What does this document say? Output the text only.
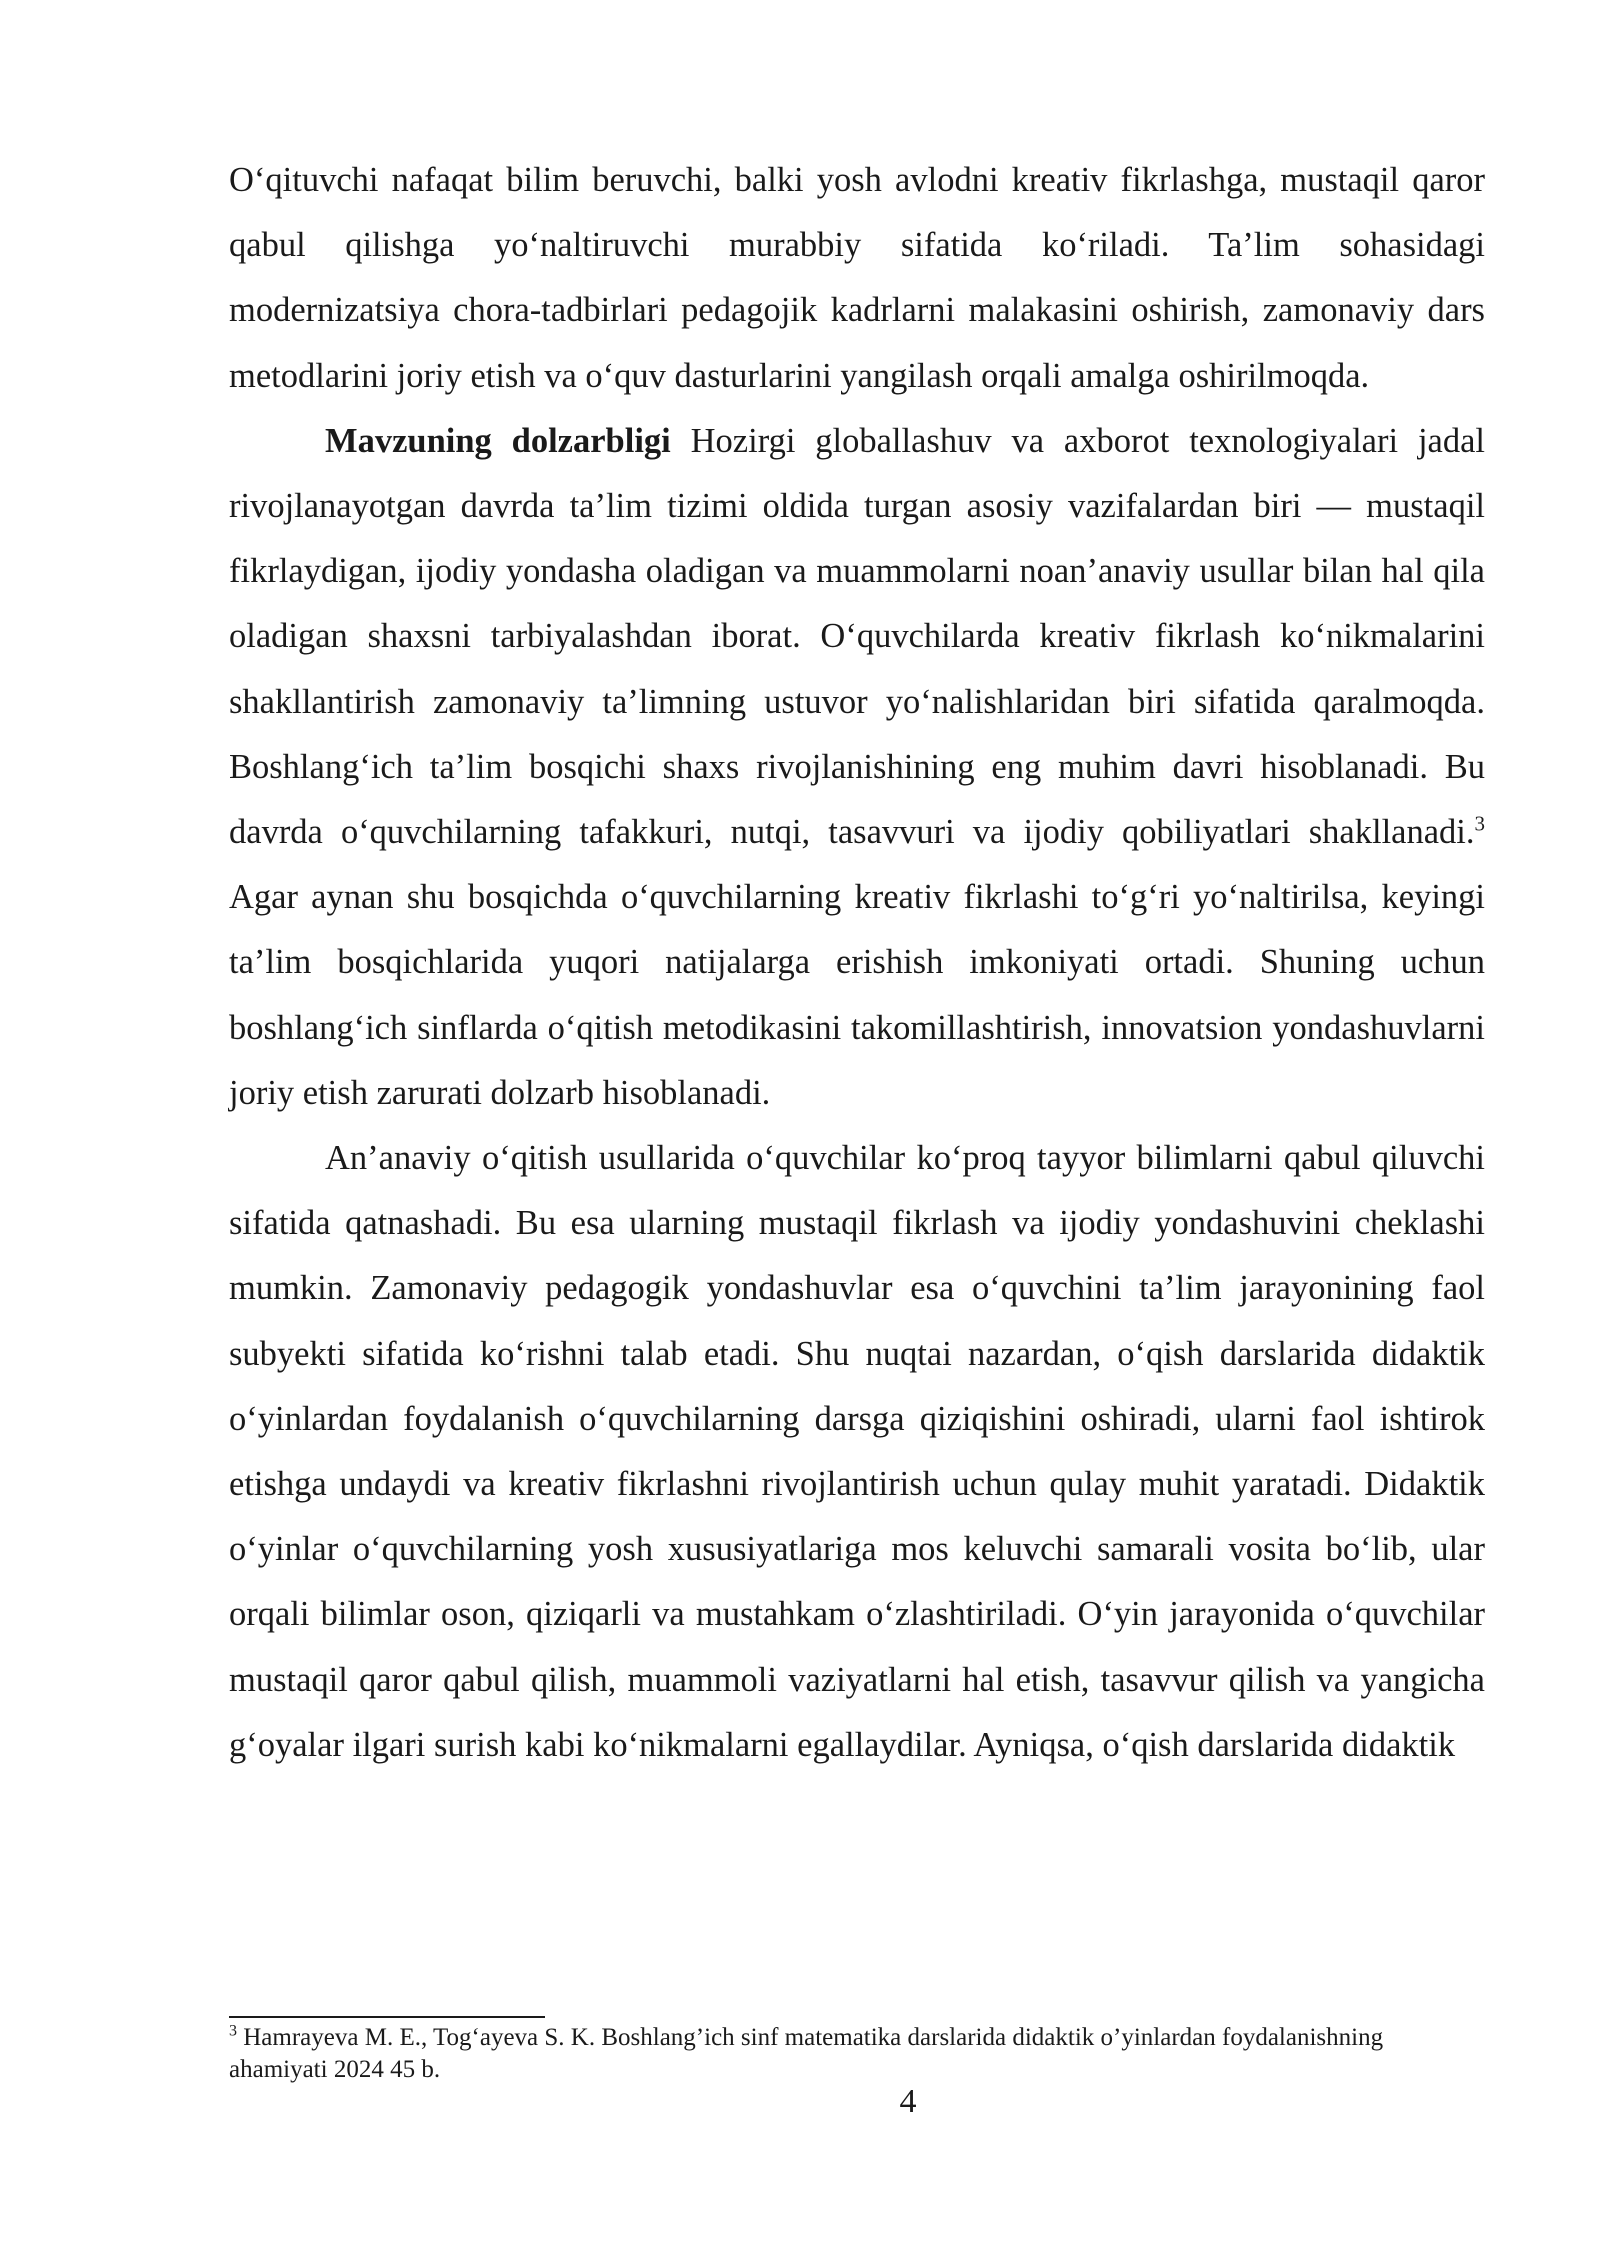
O‘qituvchi nafaqat bilim beruvchi, balki yosh avlodni kreativ fikrlashga, mustaqil qaror qabul qilishga yo‘naltiruvchi murabbiy sifatida ko‘riladi. Ta’lim sohasidagi modernizatsiya chora-tadbirlari pedagojik kadrlarni malakasini oshirish, zamonaviy dars metodlarini joriy etish va o‘quv dasturlarini yangilash orqali amalga oshirilmoqda.

Mavzuning dolzarbligi Hozirgi globallashuv va axborot texnologiyalari jadal rivojlanayotgan davrda ta’lim tizimi oldida turgan asosiy vazifalardan biri — mustaqil fikrlaydigan, ijodiy yondasha oladigan va muammolarni noan’anaviy usullar bilan hal qila oladigan shaxsni tarbiyalashdan iborat. O‘quvchilarda kreativ fikrlash ko‘nikmalarini shakllantirish zamonaviy ta’limning ustuvor yo‘nalishlaridan biri sifatida qaralmoqda. Boshlang‘ich ta’lim bosqichi shaxs rivojlanishining eng muhim davri hisoblanadi. Bu davrda o‘quvchilarning tafakkuri, nutqi, tasavvuri va ijodiy qobiliyatlari shakllanadi.$^3$ Agar aynan shu bosqichda o‘quvchilarning kreativ fikrlashi to‘g‘ri yo‘naltirilsa, keyingi ta’lim bosqichlarida yuqori natijalarga erishish imkoniyati ortadi. Shuning uchun boshlang‘ich sinflarda o‘qitish metodikasini takomillashtirish, innovatsion yondashuvlarni joriy etish zarurati dolzarb hisoblanadi.

An’anaviy o‘qitish usullarida o‘quvchilar ko‘proq tayyor bilimlarni qabul qiluvchi sifatida qatnashadi. Bu esa ularning mustaqil fikrlash va ijodiy yondashuvini cheklashi mumkin. Zamonaviy pedagogik yondashuvlar esa o‘quvchini ta’lim jarayonining faol subyekti sifatida ko‘rishni talab etadi. Shu nuqtai nazardan, o‘qish darslarida didaktik o‘yinlardan foydalanish o‘quvchilarning darsga qiziqishini oshiradi, ularni faol ishtirok etishga undaydi va kreativ fikrlashni rivojlantirish uchun qulay muhit yaratadi. Didaktik o‘yinlar o‘quvchilarning yosh xususiyatlariga mos keluvchi samarali vosita bo‘lib, ular orqali bilimlar oson, qiziqarli va mustahkam o‘zlashtiriladi. O‘yin jarayonida o‘quvchilar mustaqil qaror qabul qilish, muammoli vaziyatlarni hal etish, tasavvur qilish va yangicha g‘oyalar ilgari surish kabi ko‘nikmalarni egallaydilar. Ayniqsa, o‘qish darslarida didaktik

$^3$ Hamrayeva M. E., Tog‘ayeva S. K. Boshlang’ich sinf matematika darslarida didaktik o’yinlardan foydalanishning ahamiyati 2024 45 b.
4
